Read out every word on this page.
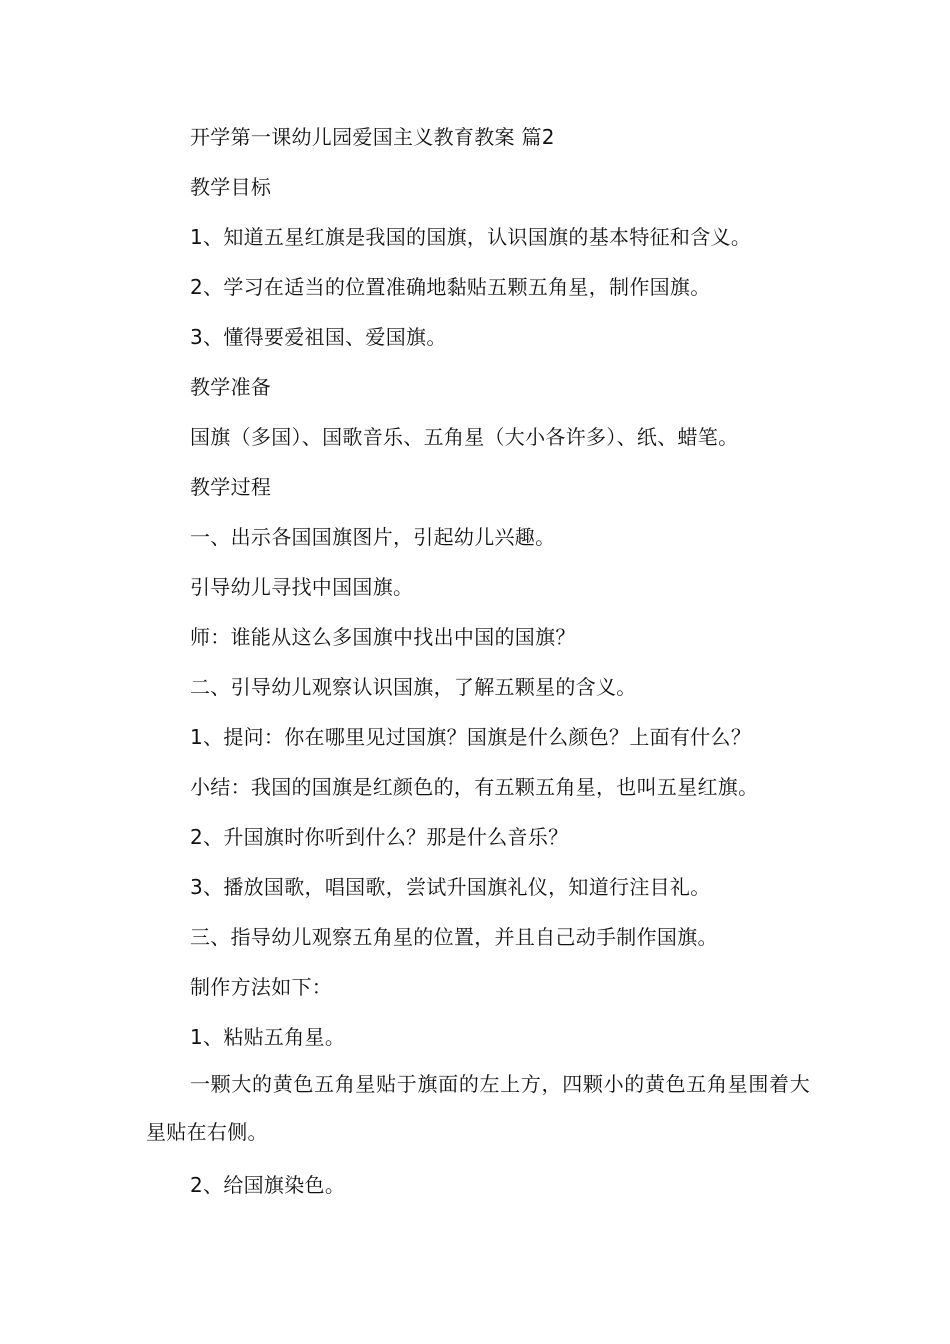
开学第一课幼儿园爱国主义教育教案 篇2
教学目标
1、知道五星红旗是我国的国旗，认识国旗的基本特征和含义。
2、学习在适当的位置准确地黏贴五颗五角星，制作国旗。
3、懂得要爱祖国、爱国旗。
教学准备
国旗（多国）、国歌音乐、五角星（大小各许多）、纸、蜡笔。
教学过程
一、出示各国国旗图片，引起幼儿兴趣。
引导幼儿寻找中国国旗。
师：谁能从这么多国旗中找出中国的国旗？
二、引导幼儿观察认识国旗，了解五颗星的含义。
1、提问：你在哪里见过国旗？国旗是什么颜色？上面有什么？
小结：我国的国旗是红颜色的，有五颗五角星，也叫五星红旗。
2、升国旗时你听到什么？那是什么音乐？
3、播放国歌，唱国歌，尝试升国旗礼仪，知道行注目礼。
三、指导幼儿观察五角星的位置，并且自己动手制作国旗。
制作方法如下：
1、粘贴五角星。
一颗大的黄色五角星贴于旗面的左上方，四颗小的黄色五角星围着大星贴在右侧。
2、给国旗染色。
